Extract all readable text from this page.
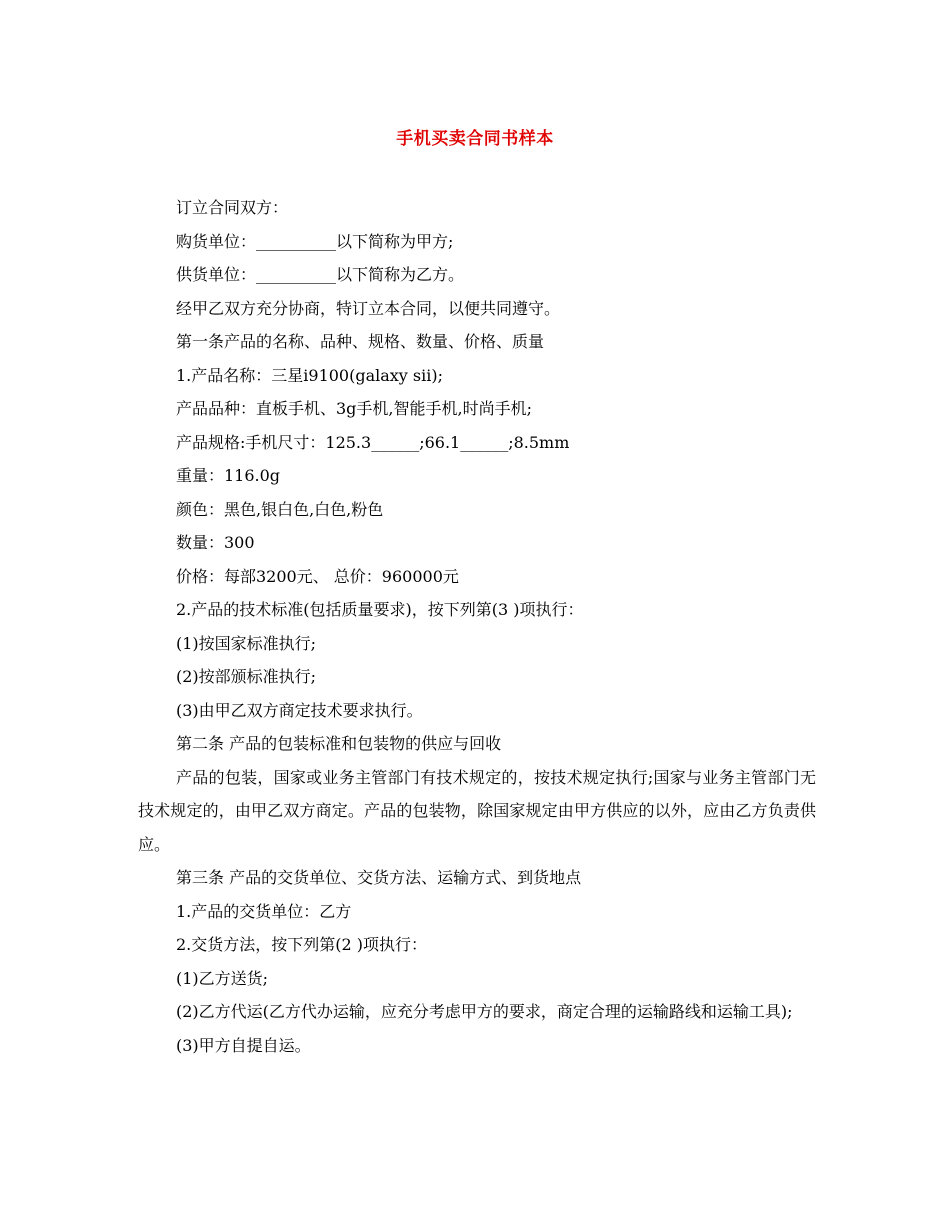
手机买卖合同书样本

订立合同双方：

购货单位：__________以下简称为甲方;

供货单位：__________以下简称为乙方。

经甲乙双方充分协商，特订立本合同，以便共同遵守。

第一条产品的名称、品种、规格、数量、价格、质量

1.产品名称：三星i9100(galaxy sii);

产品品种：直板手机、3g手机,智能手机,时尚手机;

产品规格:手机尺寸：125.3______;66.1______;8.5mm

重量：116.0g

颜色：黑色,银白色,白色,粉色

数量：300

价格：每部3200元、 总价：960000元

2.产品的技术标准(包括质量要求)，按下列第(3 )项执行：

(1)按国家标准执行;

(2)按部颁标准执行;

(3)由甲乙双方商定技术要求执行。

第二条 产品的包装标准和包装物的供应与回收

产品的包装，国家或业务主管部门有技术规定的，按技术规定执行;国家与业务主管部门无技术规定的，由甲乙双方商定。产品的包装物，除国家规定由甲方供应的以外，应由乙方负责供应。

第三条 产品的交货单位、交货方法、运输方式、到货地点

1.产品的交货单位：乙方

2.交货方法，按下列第(2 )项执行：

(1)乙方送货;

(2)乙方代运(乙方代办运输，应充分考虑甲方的要求，商定合理的运输路线和运输工具);

(3)甲方自提自运。
